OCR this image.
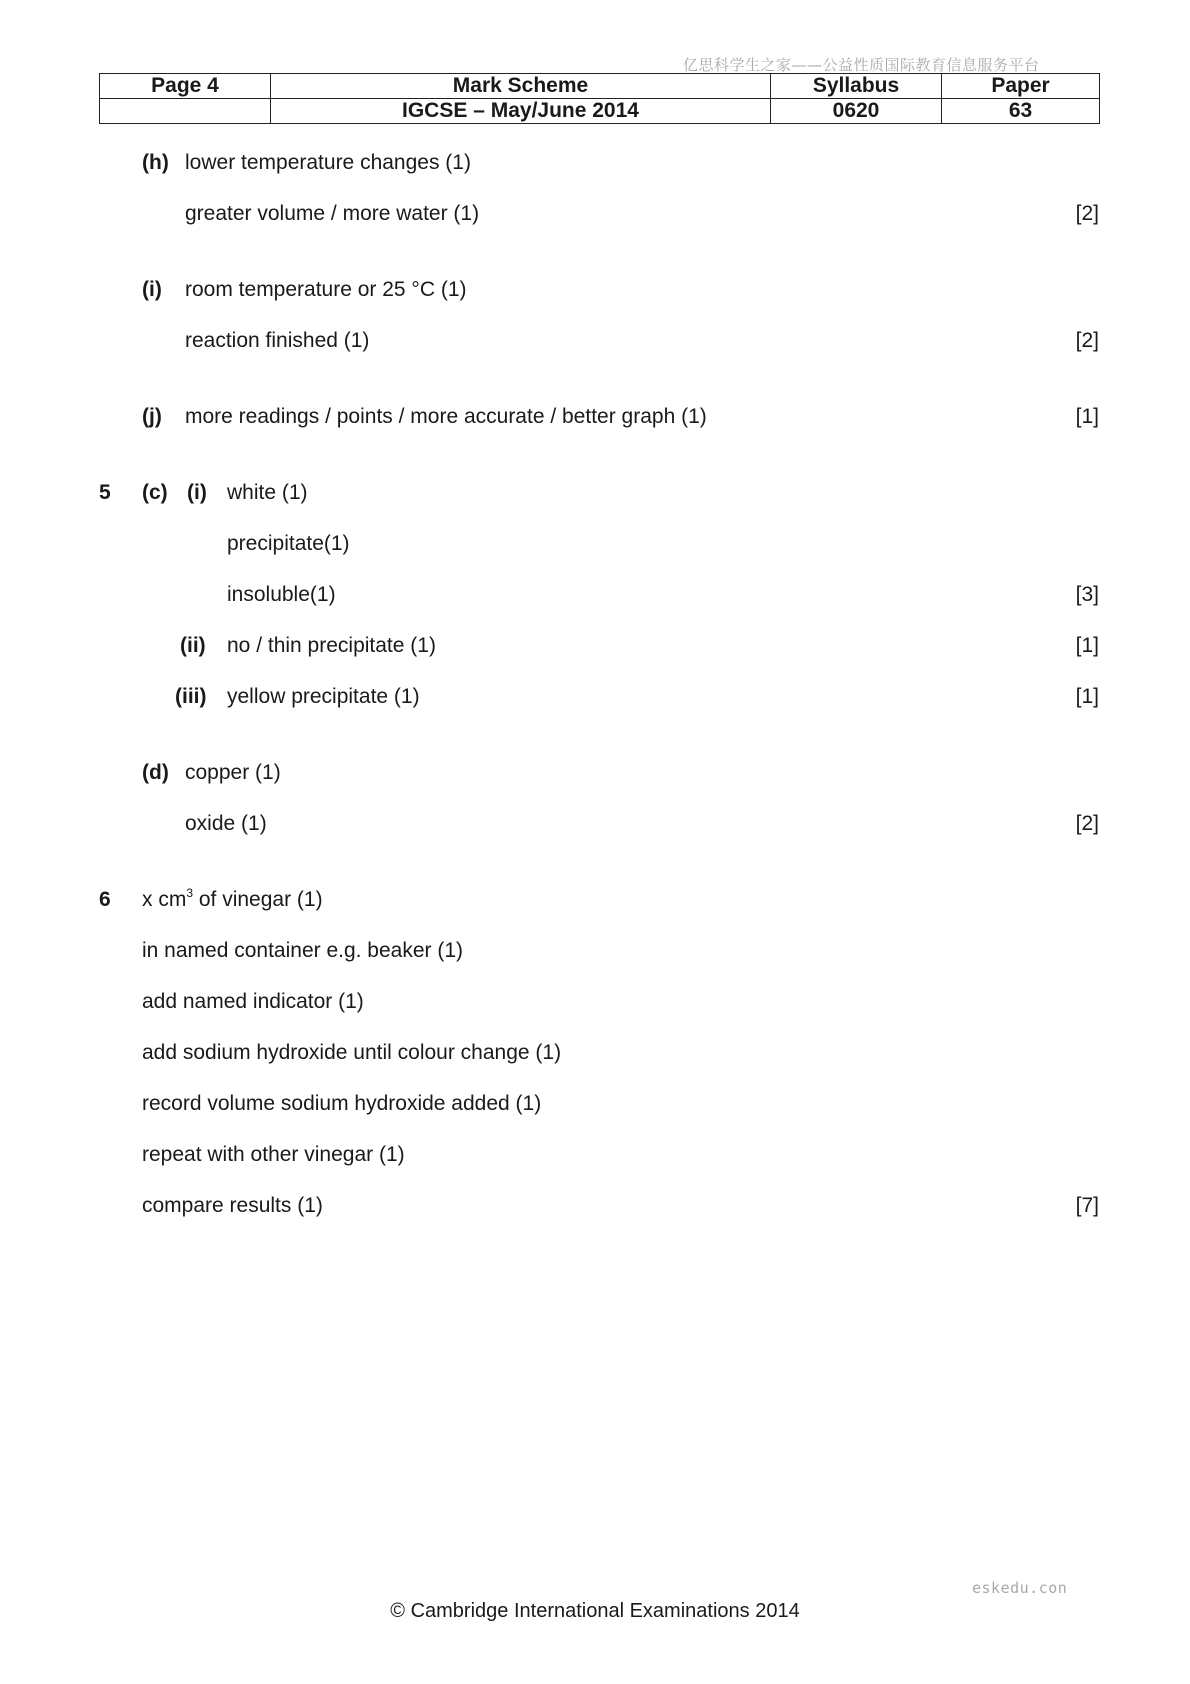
亿思科学生之家——公益性质国际教育信息服务平台
Page 4	Mark Scheme	Syllabus	Paper
	IGCSE – May/June 2014	0620	63
(h) lower temperature changes (1)
greater volume / more water (1)	[2]
(i) room temperature or 25 °C (1)
reaction finished (1)	[2]
(j) more readings / points / more accurate / better graph (1)	[1]
5 (c) (i) white (1)
precipitate(1)
insoluble(1)	[3]
(ii) no / thin precipitate (1)	[1]
(iii) yellow precipitate (1)	[1]
(d) copper (1)
oxide (1)	[2]
6 x $cm^3$ of vinegar (1)
in named container e.g. beaker (1)
add named indicator (1)
add sodium hydroxide until colour change (1)
record volume sodium hydroxide added (1)
repeat with other vinegar (1)
compare results (1)	[7]
eskedu.con
© Cambridge International Examinations 2014
